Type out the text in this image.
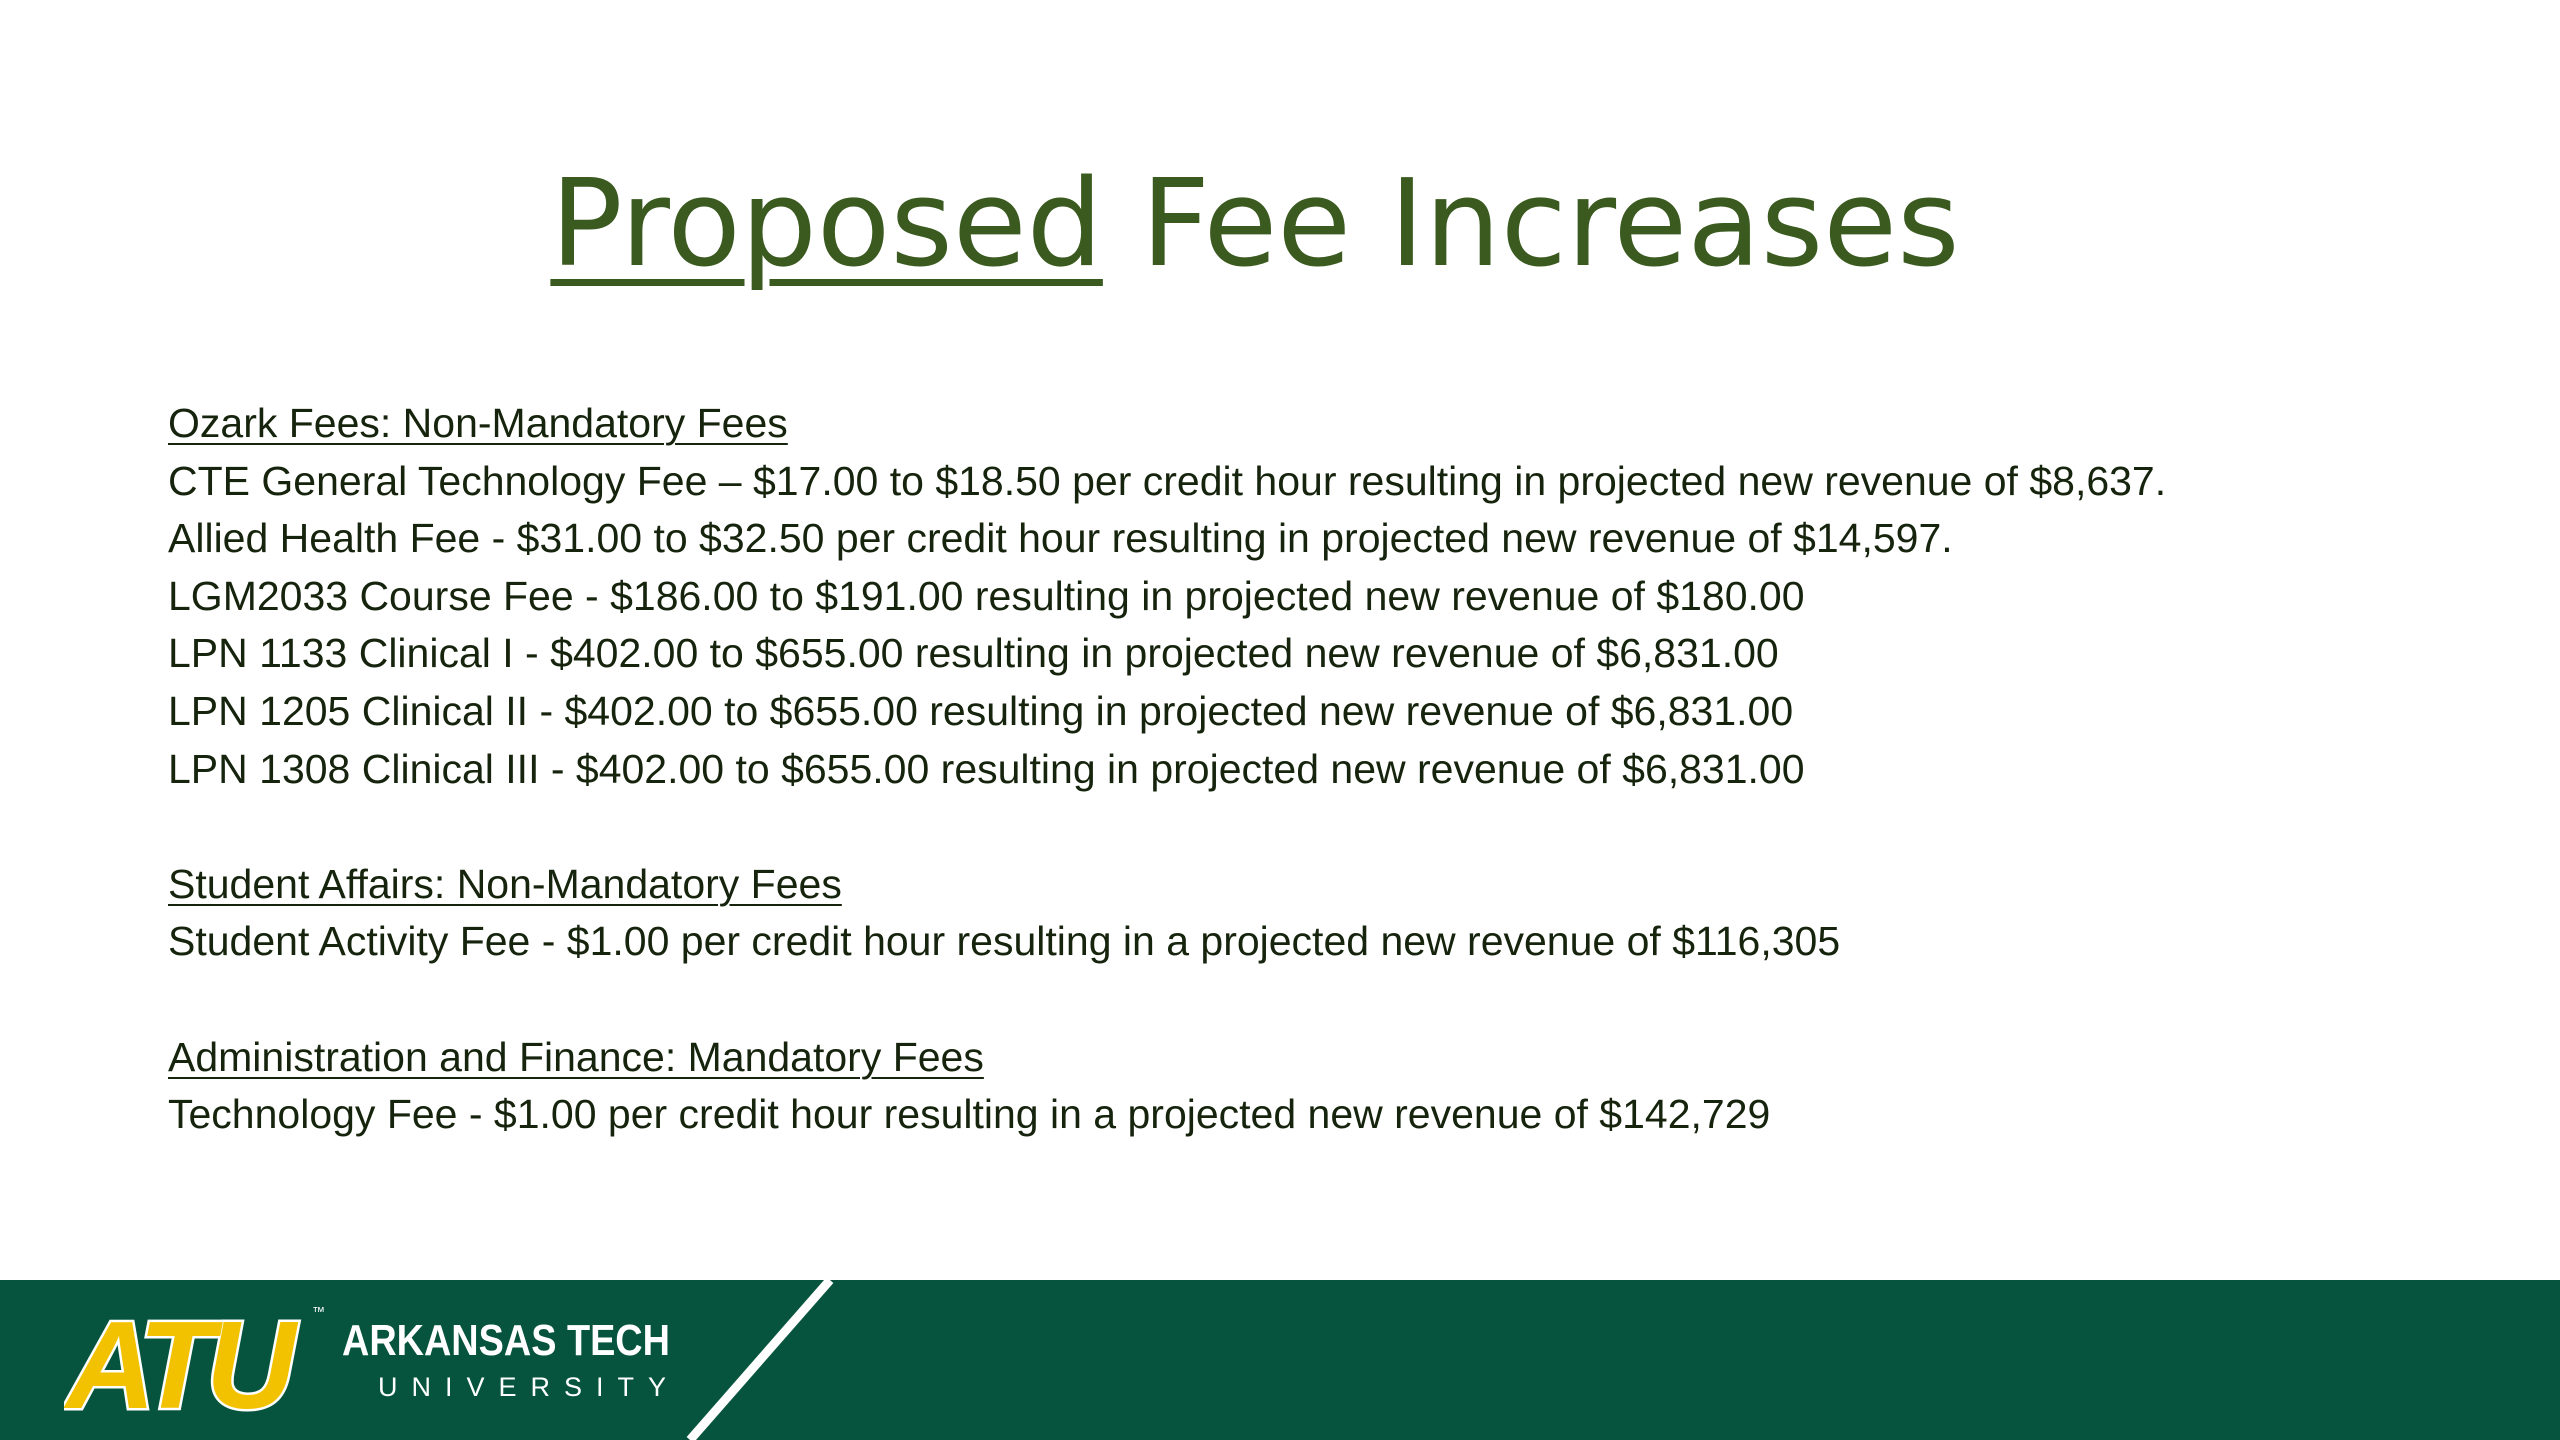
Proposed Fee Increases
Ozark Fees: Non-Mandatory Fees
CTE General Technology Fee – $17.00 to $18.50 per credit hour resulting in projected new revenue of $8,637.
Allied Health Fee - $31.00 to $32.50 per credit hour resulting in projected new revenue of $14,597.
LGM2033 Course Fee - $186.00 to $191.00 resulting in projected new revenue of $180.00
LPN 1133 Clinical I - $402.00 to $655.00 resulting in projected new revenue of $6,831.00
LPN 1205 Clinical II - $402.00 to $655.00 resulting in projected new revenue of $6,831.00
LPN 1308 Clinical III - $402.00 to $655.00 resulting in projected new revenue of $6,831.00
Student Affairs: Non-Mandatory Fees
Student Activity Fee - $1.00 per credit hour resulting in a projected new revenue of $116,305
Administration and Finance: Mandatory Fees
Technology Fee - $1.00 per credit hour resulting in a projected new revenue of $142,729
ATU	™
ARKANSAS TECH
UNIVERSITY
